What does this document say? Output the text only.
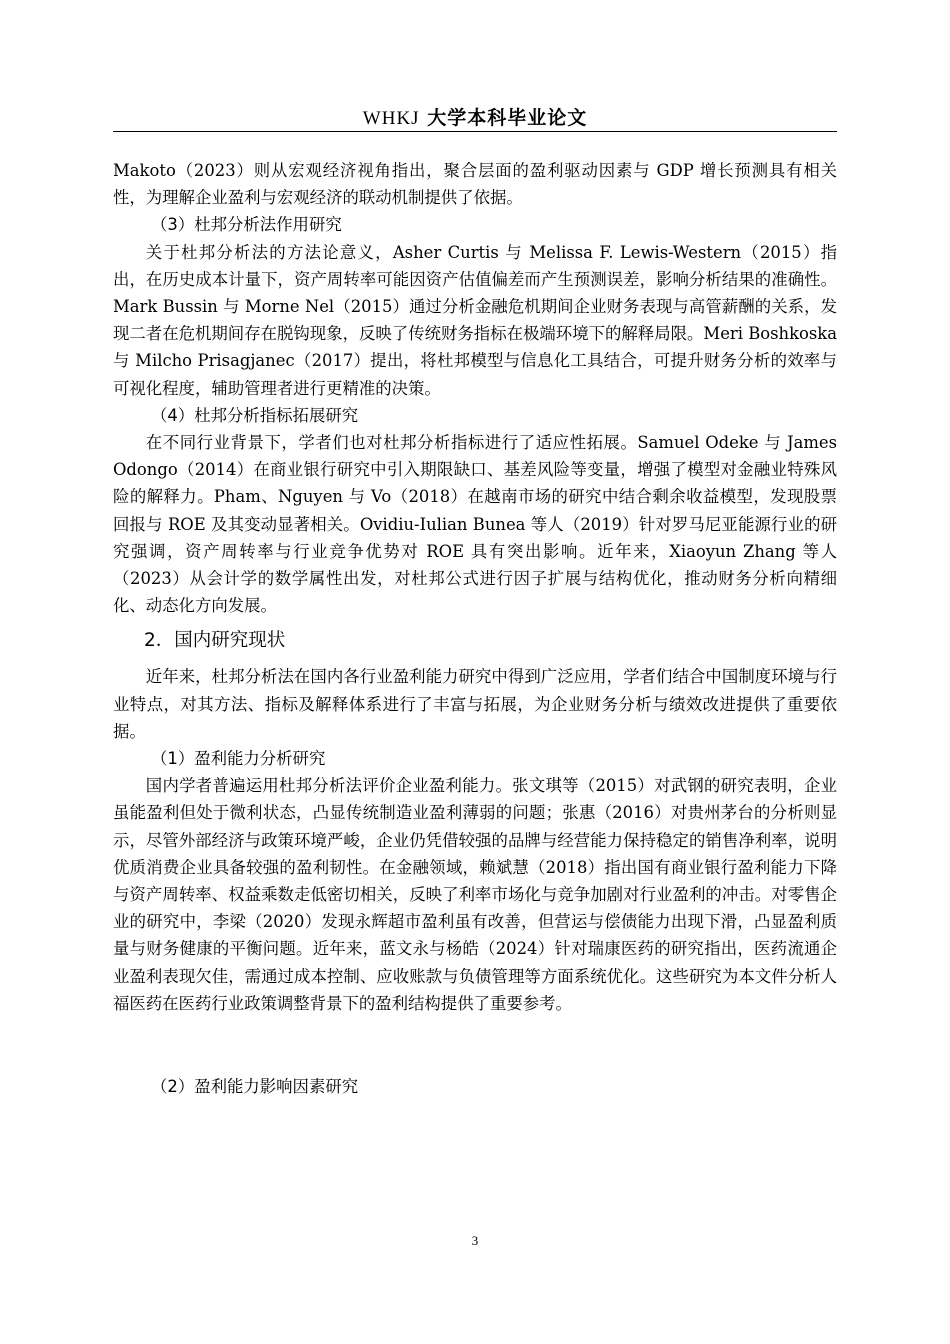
WHKJ 大学本科毕业论文

Makoto（2023）则从宏观经济视角指出，聚合层面的盈利驱动因素与 GDP 增长预测具有相关性，为理解企业盈利与宏观经济的联动机制提供了依据。

（3）杜邦分析法作用研究

关于杜邦分析法的方法论意义，Asher Curtis 与 Melissa F. Lewis-Western（2015）指出，在历史成本计量下，资产周转率可能因资产估值偏差而产生预测误差，影响分析结果的准确性。Mark Bussin 与 Morne Nel（2015）通过分析金融危机期间企业财务表现与高管薪酬的关系，发现二者在危机期间存在脱钩现象，反映了传统财务指标在极端环境下的解释局限。Meri Boshkoska 与 Milcho Prisagjanec（2017）提出，将杜邦模型与信息化工具结合，可提升财务分析的效率与可视化程度，辅助管理者进行更精准的决策。

（4）杜邦分析指标拓展研究

在不同行业背景下，学者们也对杜邦分析指标进行了适应性拓展。Samuel Odeke 与 James Odongo（2014）在商业银行研究中引入期限缺口、基差风险等变量，增强了模型对金融业特殊风险的解释力。Pham、Nguyen 与 Vo（2018）在越南市场的研究中结合剩余收益模型，发现股票回报与 ROE 及其变动显著相关。Ovidiu-Iulian Bunea 等人（2019）针对罗马尼亚能源行业的研究强调，资产周转率与行业竞争优势对 ROE 具有突出影响。近年来，Xiaoyun Zhang 等人（2023）从会计学的数学属性出发，对杜邦公式进行因子扩展与结构优化，推动财务分析向精细化、动态化方向发展。

2．国内研究现状

近年来，杜邦分析法在国内各行业盈利能力研究中得到广泛应用，学者们结合中国制度环境与行业特点，对其方法、指标及解释体系进行了丰富与拓展，为企业财务分析与绩效改进提供了重要依据。

（1）盈利能力分析研究

国内学者普遍运用杜邦分析法评价企业盈利能力。张文琪等（2015）对武钢的研究表明，企业虽能盈利但处于微利状态，凸显传统制造业盈利薄弱的问题；张惠（2016）对贵州茅台的分析则显示，尽管外部经济与政策环境严峻，企业仍凭借较强的品牌与经营能力保持稳定的销售净利率，说明优质消费企业具备较强的盈利韧性。在金融领域，赖斌慧（2018）指出国有商业银行盈利能力下降与资产周转率、权益乘数走低密切相关，反映了利率市场化与竞争加剧对行业盈利的冲击。对零售企业的研究中，李梁（2020）发现永辉超市盈利虽有改善，但营运与偿债能力出现下滑，凸显盈利质量与财务健康的平衡问题。近年来，蓝文永与杨皓（2024）针对瑞康医药的研究指出，医药流通企业盈利表现欠佳，需通过成本控制、应收账款与负债管理等方面系统优化。这些研究为本文件分析人福医药在医药行业政策调整背景下的盈利结构提供了重要参考。

（2）盈利能力影响因素研究

3
